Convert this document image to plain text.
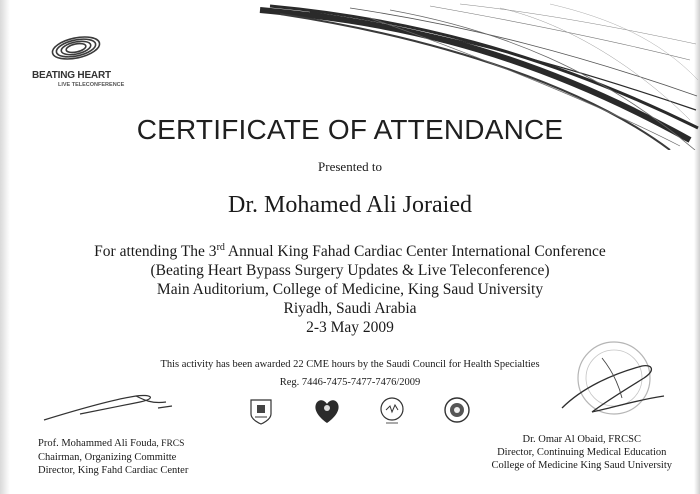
BEATING HEART
LIVE TELECONFERENCE
CERTIFICATE OF ATTENDANCE
Presented to
Dr. Mohamed Ali Joraied
For attending The 3rd Annual King Fahad Cardiac Center International Conference
(Beating Heart Bypass Surgery Updates & Live Teleconference)
Main Auditorium, College of Medicine, King Saud University
Riyadh, Saudi Arabia
2-3 May 2009
This activity has been awarded 22 CME hours by the Saudi Council for Health Specialties
Reg. 7446-7475-7477-7476/2009
Prof. Mohammed Ali Fouda, FRCS
Chairman, Organizing Committe
Director, King Fahd Cardiac Center
Dr. Omar Al Obaid, FRCSC
Director, Continuing Medical Education
College of Medicine King Saud University
